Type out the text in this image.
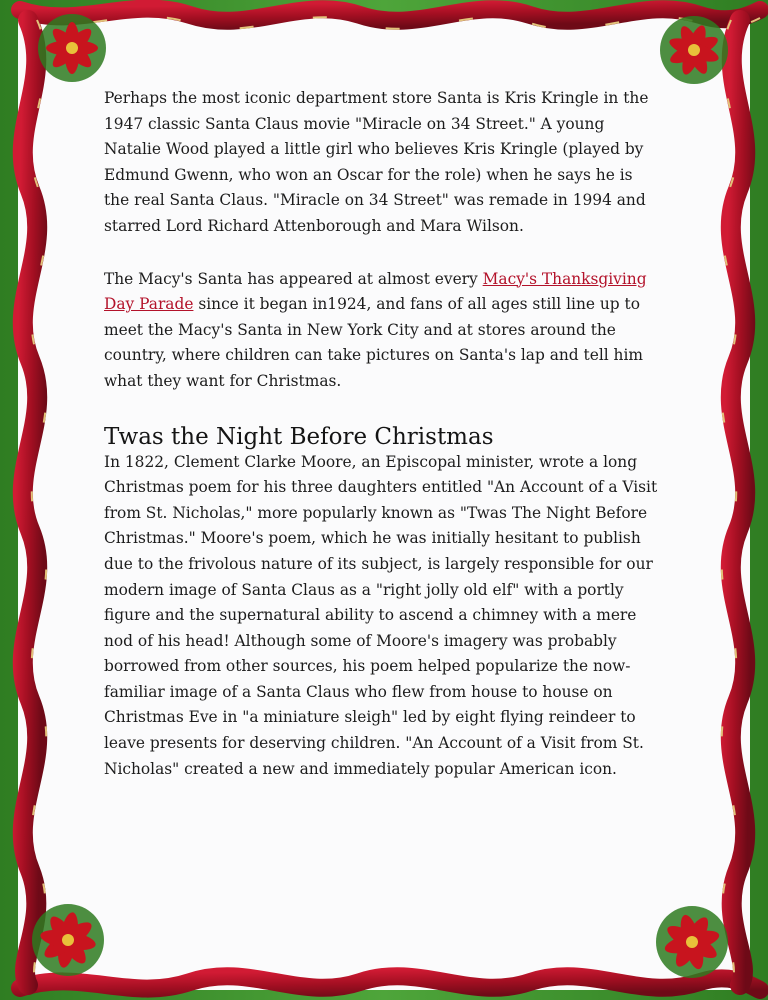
Perhaps the most iconic department store Santa is Kris Kringle in the 1947 classic Santa Claus movie "Miracle on 34 Street." A young Natalie Wood played a little girl who believes Kris Kringle (played by Edmund Gwenn, who won an Oscar for the role) when he says he is the real Santa Claus. "Miracle on 34 Street" was remade in 1994 and starred Lord Richard Attenborough and Mara Wilson.

The Macy's Santa has appeared at almost every Macy's Thanksgiving Day Parade since it began in1924, and fans of all ages still line up to meet the Macy's Santa in New York City and at stores around the country, where children can take pictures on Santa's lap and tell him what they want for Christmas.

Twas the Night Before Christmas

In 1822, Clement Clarke Moore, an Episcopal minister, wrote a long Christmas poem for his three daughters entitled "An Account of a Visit from St. Nicholas," more popularly known as "Twas The Night Before Christmas." Moore's poem, which he was initially hesitant to publish due to the frivolous nature of its subject, is largely responsible for our modern image of Santa Claus as a "right jolly old elf" with a portly figure and the supernatural ability to ascend a chimney with a mere nod of his head! Although some of Moore's imagery was probably borrowed from other sources, his poem helped popularize the now-familiar image of a Santa Claus who flew from house to house on Christmas Eve in "a miniature sleigh" led by eight flying reindeer to leave presents for deserving children. "An Account of a Visit from St. Nicholas" created a new and immediately popular American icon.
